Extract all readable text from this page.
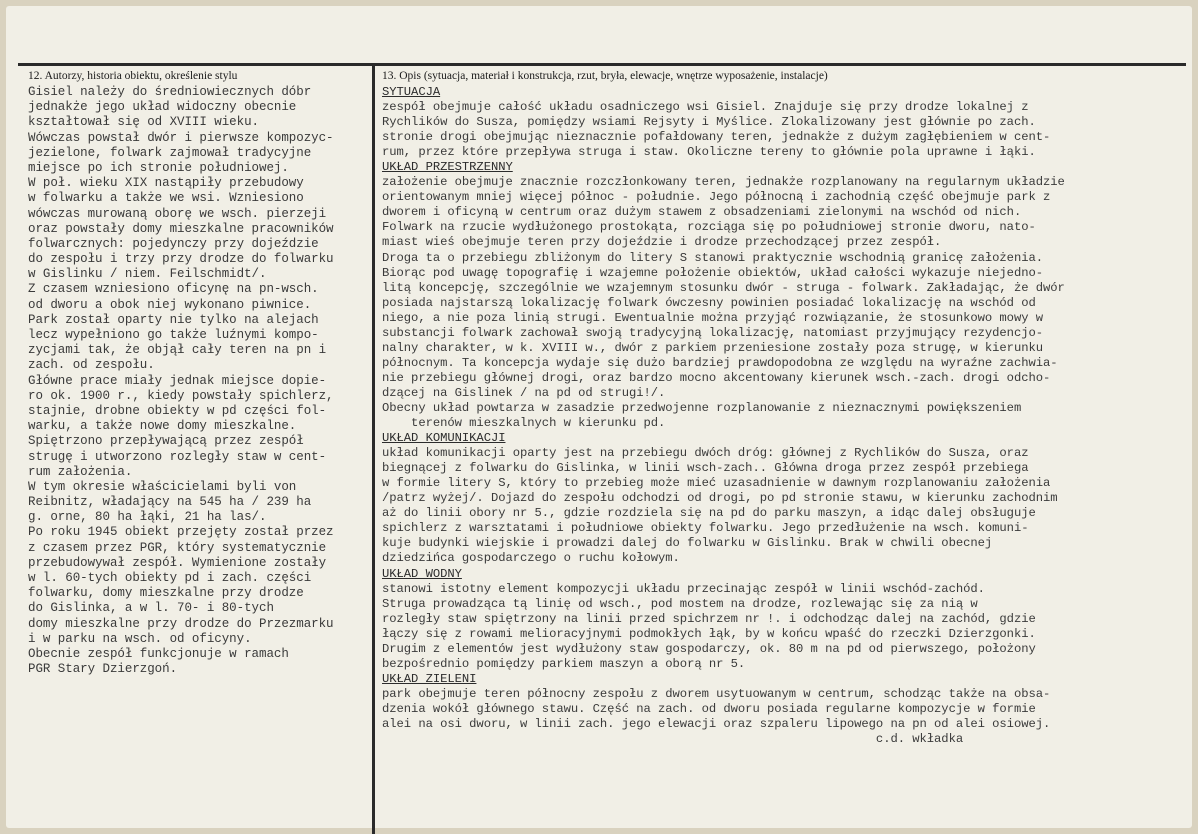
12. Autorzy, historia obiektu, określenie stylu
Gisiel należy do średniowiecznych dóbr
jednakże jego układ widoczny obecnie
kształtował się od XVIII wieku.
Wówczas powstał dwór i pierwsze kompozyc-
jezielone, folwark zajmował tradycyjne
miejsce po ich stronie południowej.
W poł. wieku XIX nastąpiły przebudowy
w folwarku a także we wsi. Wzniesiono
wówczas murowaną oborę we wsch. pierzeji
oraz powstały domy mieszkalne pracowników
folwarcznych: pojedynczy przy dojeździe
do zespołu i trzy przy drodze do folwarku
w Gislinku / niem. Feilschmidt/.
Z czasem wzniesiono oficynę na pn-wsch.
od dworu a obok niej wykonano piwnice.
Park został oparty nie tylko na alejach
lecz wypełniono go także luźnymi kompo-
zycjami tak, że objął cały teren na pn i
zach. od zespołu.
Główne prace miały jednak miejsce dopie-
ro ok. 1900 r., kiedy powstały spichlerz,
stajnie, drobne obiekty w pd części fol-
warku, a także nowe domy mieszkalne.
Spiętrzono przepływającą przez zespół
strugę i utworzono rozległy staw w cent-
rum założenia.
W tym okresie właścicielami byli von
Reibnitz, władający na 545 ha / 239 ha
g. orne, 80 ha łąki, 21 ha las/.
Po roku 1945 obiekt przejęty został przez
z czasem przez PGR, który systematycznie
przebudowywał zespół. Wymienione zostały
w l. 60-tych obiekty pd i zach. części
folwarku, domy mieszkalne przy drodze
do Gislinka, a w l. 70- i 80-tych
domy mieszkalne przy drodze do Przezmarku
i w parku na wsch. od oficyny.
Obecnie zespół funkcjonuje w ramach
PGR Stary Dzierzgoń.
13. Opis (sytuacja, materiał i konstrukcja, rzut, bryła, elewacje, wnętrze wyposażenie, instalacje)
SYTUACJA
zespół obejmuje całość układu osadniczego wsi Gisiel. Znajduje się przy drodze lokalnej z
Rychlików do Susza, pomiędzy wsiami Rejsyty i Myślice. Zlokalizowany jest głównie po zach.
stronie drogi obejmując nieznacznie pofałdowany teren, jednakże z dużym zagłębieniem w cent-
rum, przez które przepływa struga i staw. Okoliczne tereny to głównie pola uprawne i łąki.
UKŁAD PRZESTRZENNY
założenie obejmuje znacznie rozczłonkowany teren, jednakże rozplanowany na regularnym układzie
orientowanym mniej więcej północ - południe. Jego północną i zachodnią część obejmuje park z
dworem i oficyną w centrum oraz dużym stawem z obsadzeniami zielonymi na wschód od nich.
Folwark na rzucie wydłużonego prostokąta, rozciąga się po południowej stronie dworu, nato-
miast wieś obejmuje teren przy dojeździe i drodze przechodzącej przez zespół.
Droga ta o przebiegu zbliżonym do litery S stanowi praktycznie wschodnią granicę założenia.
Biorąc pod uwagę topografię i wzajemne położenie obiektów, układ całości wykazuje niejedno-
litą koncepcję, szczególnie we wzajemnym stosunku dwór - struga - folwark. Zakładając, że dwór
posiada najstarszą lokalizację folwark ówczesny powinien posiadać lokalizację na wschód od
niego, a nie poza linią strugi. Ewentualnie można przyjąć rozwiązanie, że stosunkowo mowy w
substancji folwark zachował swoją tradycyjną lokalizację, natomiast przyjmujący rezydencjo-
nalny charakter, w k. XVIII w., dwór z parkiem przeniesione zostały poza strugę, w kierunku
północnym. Ta koncepcja wydaje się dużo bardziej prawdopodobna ze względu na wyraźne zachwia-
nie przebiegu głównej drogi, oraz bardzo mocno akcentowany kierunek wsch.-zach. drogi odcho-
dzącej na Gislinek / na pd od strugi!/.
Obecny układ powtarza w zasadzie przedwojenne rozplanowanie z nieznacznymi powiększeniem
terenów mieszkalnych w kierunku pd.
UKŁAD KOMUNIKACJI
układ komunikacji oparty jest na przebiegu dwóch dróg: głównej z Rychlików do Susza, oraz
biegnącej z folwarku do Gislinka, w linii wsch-zach.. Główna droga przez zespół przebiega
w formie litery S, który to przebieg może mieć uzasadnienie w dawnym rozplanowaniu założenia
/patrz wyżej/. Dojazd do zespołu odchodzi od drogi, po pd stronie stawu, w kierunku zachodnim
aż do linii obory nr 5., gdzie rozdziela się na pd do parku maszyn, a idąc dalej obsługuje
spichlerz z warsztatami i południowe obiekty folwarku. Jego przedłużenie na wsch. komuni-
kuje budynki wiejskie i prowadzi dalej do folwarku w Gislinku. Brak w chwili obecnej
dziedzińca gospodarczego o ruchu kołowym.
UKŁAD WODNY
stanowi istotny element kompozycji układu przecinając zespół w linii wschód-zachód.
Struga prowadząca tą linię od wsch., pod mostem na drodze, rozlewając się za nią w
rozległy staw spiętrzony na linii przed spichrzem nr !. i odchodząc dalej na zachód, gdzie
łączy się z rowami melioracyjnymi podmokłych łąk, by w końcu wpaść do rzeczki Dzierzgonki.
Drugim z elementów jest wydłużony staw gospodarczy, ok. 80 m na pd od pierwszego, położony
bezpośrednio pomiędzy parkiem maszyn a oborą nr 5.
UKŁAD ZIELENI
park obejmuje teren północny zespołu z dworem usytuowanym w centrum, schodząc także na obsa-
dzenia wokół głównego stawu. Część na zach. od dworu posiada regularne kompozycje w formie
alei na osi dworu, w linii zach. jego elewacji oraz szpaleru lipowego na pn od alei osiowej.
c.d. wkładka
